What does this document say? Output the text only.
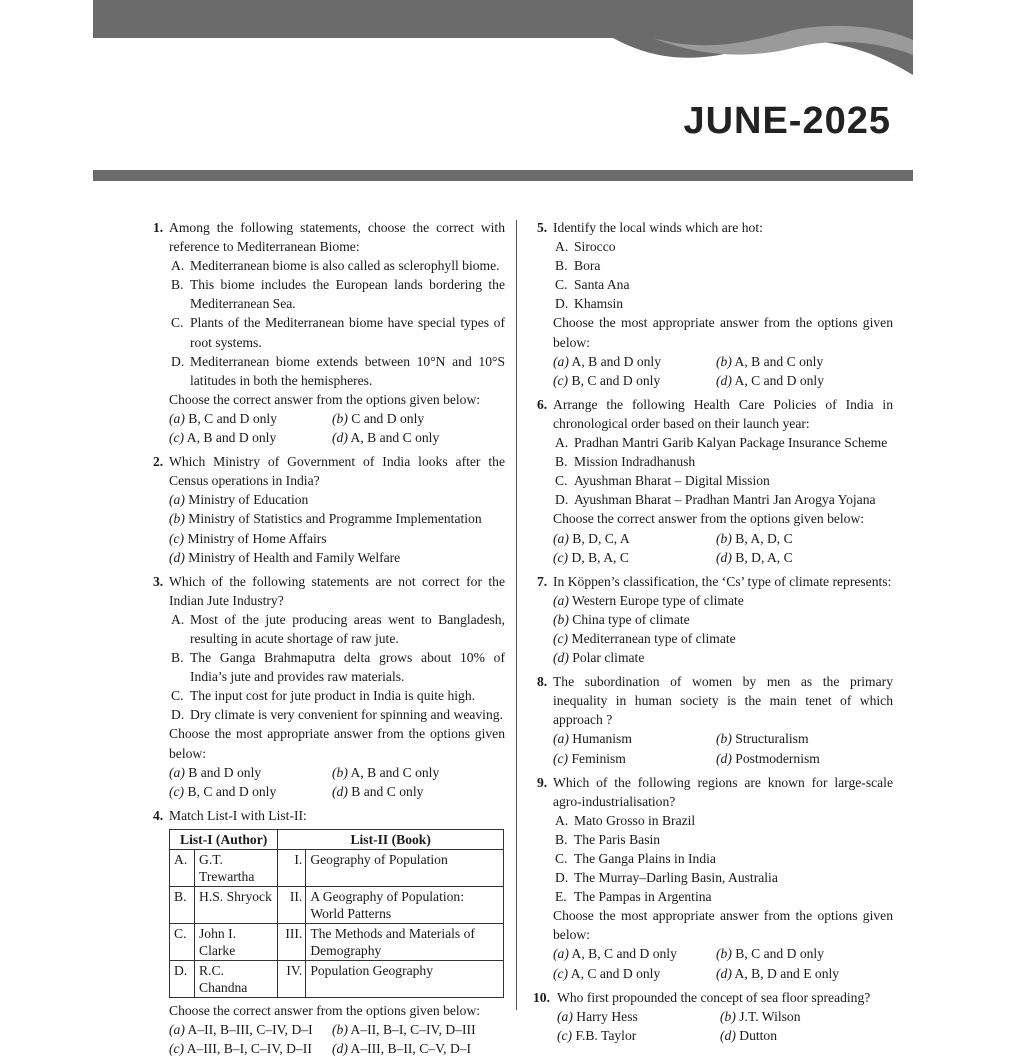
JUNE-2025
1. Among the following statements, choose the correct with reference to Mediterranean Biome:
A. Mediterranean biome is also called as sclerophyll biome.
B. This biome includes the European lands bordering the Mediterranean Sea.
C. Plants of the Mediterranean biome have special types of root systems.
D. Mediterranean biome extends between 10°N and 10°S latitudes in both the hemispheres.
Choose the correct answer from the options given below:
(a) B, C and D only	(b) C and D only
(c) A, B and D only	(d) A, B and C only
2. Which Ministry of Government of India looks after the Census operations in India?
(a) Ministry of Education
(b) Ministry of Statistics and Programme Implementation
(c) Ministry of Home Affairs
(d) Ministry of Health and Family Welfare
3. Which of the following statements are not correct for the Indian Jute Industry?
A. Most of the jute producing areas went to Bangladesh, resulting in acute shortage of raw jute.
B. The Ganga Brahmaputra delta grows about 10% of India’s jute and provides raw materials.
C. The input cost for jute product in India is quite high.
D. Dry climate is very convenient for spinning and weaving.
Choose the most appropriate answer from the options given below:
(a) B and D only	(b) A, B and C only
(c) B, C and D only	(d) B and C only
4. Match List-I with List-II:
List-I (Author)		List-II (Book)	
A.	G.T. Trewartha	I.	Geography of Population
B.	H.S. Shryock	II.	A Geography of Population: World Patterns
C.	John I. Clarke	III.	The Methods and Materials of Demography
D.	R.C. Chandna	IV.	Population Geography
Choose the correct answer from the options given below:
(a) A–II, B–III, C–IV, D–I	(b) A–II, B–I, C–IV, D–III
(c) A–III, B–I, C–IV, D–II	(d) A–III, B–II, C–V, D–I
5. Identify the local winds which are hot:
A. Sirocco
B. Bora
C. Santa Ana
D. Khamsin
Choose the most appropriate answer from the options given below:
(a) A, B and D only	(b) A, B and C only
(c) B, C and D only	(d) A, C and D only
6. Arrange the following Health Care Policies of India in chronological order based on their launch year:
A. Pradhan Mantri Garib Kalyan Package Insurance Scheme
B. Mission Indradhanush
C. Ayushman Bharat – Digital Mission
D. Ayushman Bharat – Pradhan Mantri Jan Arogya Yojana
Choose the correct answer from the options given below:
(a) B, D, C, A	(b) B, A, D, C
(c) D, B, A, C	(d) B, D, A, C
7. In Köppen’s classification, the ‘Cs’ type of climate represents:
(a) Western Europe type of climate
(b) China type of climate
(c) Mediterranean type of climate
(d) Polar climate
8. The subordination of women by men as the primary inequality in human society is the main tenet of which approach ?
(a) Humanism	(b) Structuralism
(c) Feminism	(d) Postmodernism
9. Which of the following regions are known for large-scale agro-industrialisation?
A. Mato Grosso in Brazil
B. The Paris Basin
C. The Ganga Plains in India
D. The Murray–Darling Basin, Australia
E. The Pampas in Argentina
Choose the most appropriate answer from the options given below:
(a) A, B, C and D only	(b) B, C and D only
(c) A, C and D only	(d) A, B, D and E only
10. Who first propounded the concept of sea floor spreading?
(a) Harry Hess	(b) J.T. Wilson
(c) F.B. Taylor	(d) Dutton
